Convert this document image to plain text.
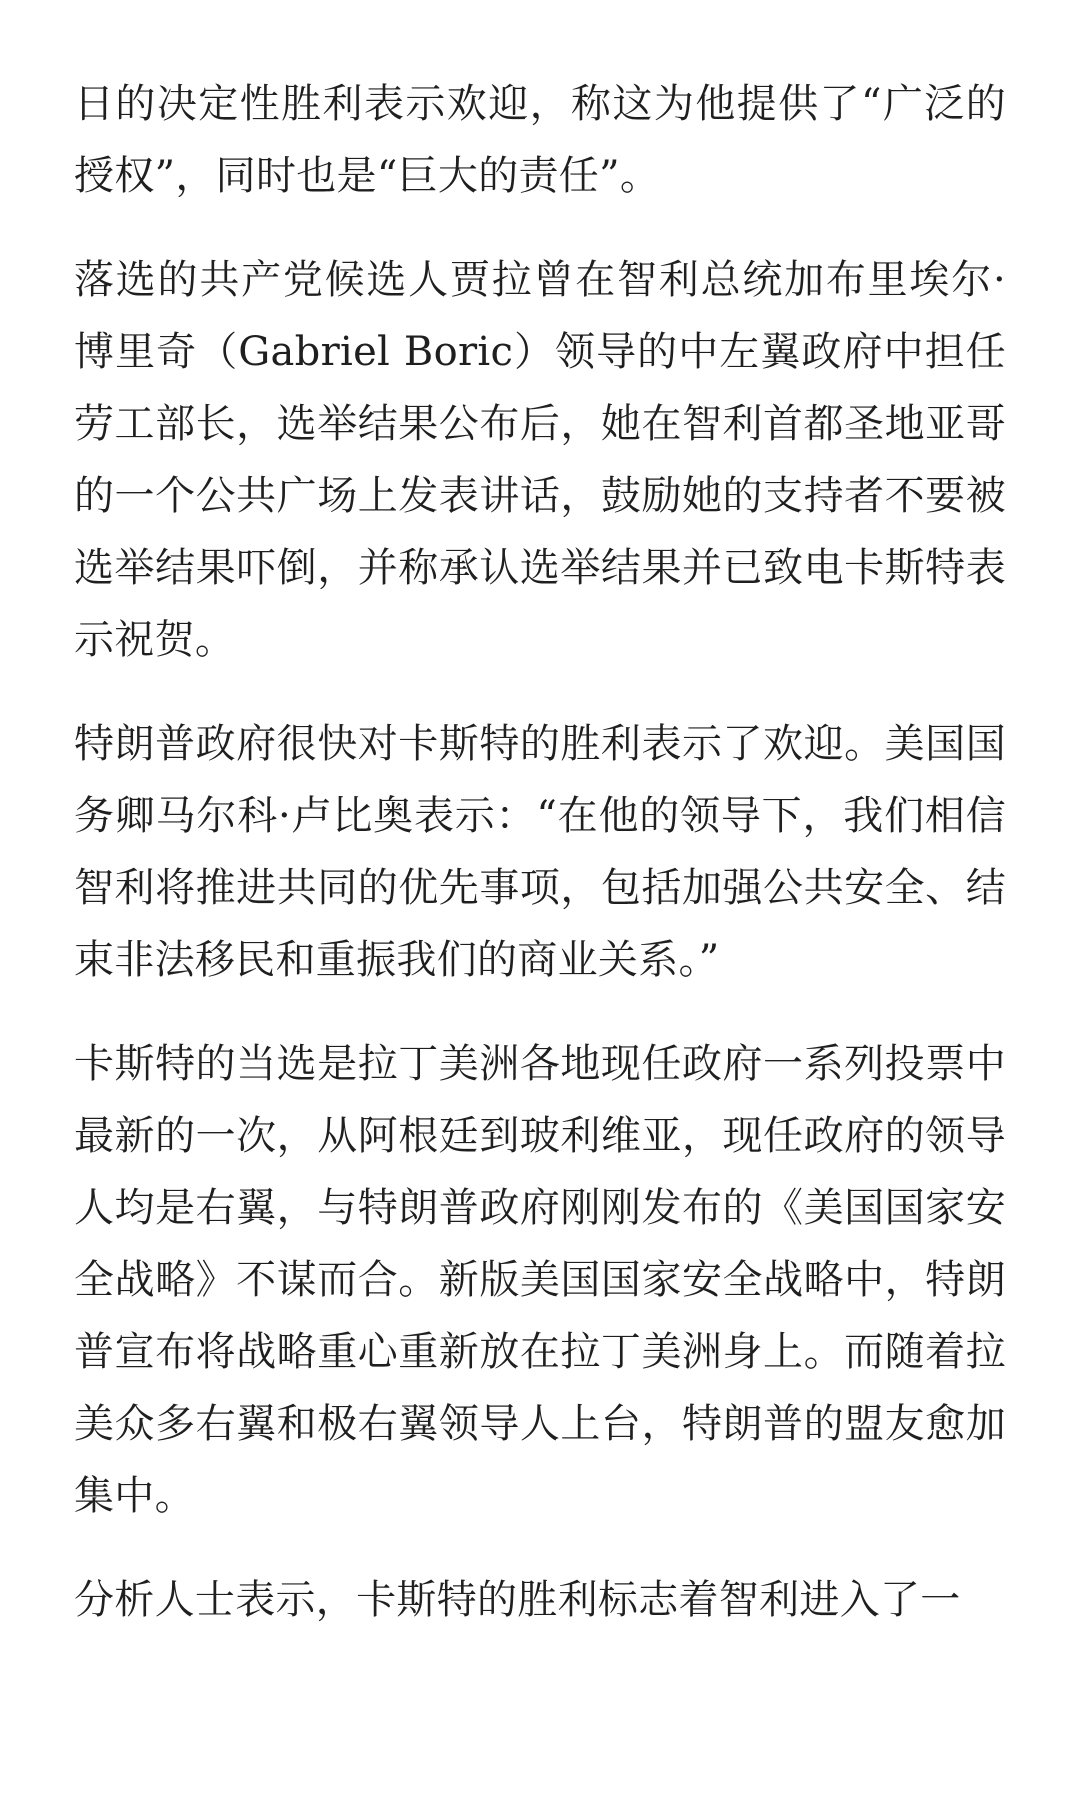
日的决定性胜利表示欢迎，称这为他提供了“广泛的授权”，同时也是“巨大的责任”。

落选的共产党候选人贾拉曾在智利总统加布里埃尔·博里奇（Gabriel Boric）领导的中左翼政府中担任劳工部长，选举结果公布后，她在智利首都圣地亚哥的一个公共广场上发表讲话，鼓励她的支持者不要被选举结果吓倒，并称承认选举结果并已致电卡斯特表示祝贺。

特朗普政府很快对卡斯特的胜利表示了欢迎。美国国务卿马尔科·卢比奥表示：“在他的领导下，我们相信智利将推进共同的优先事项，包括加强公共安全、结束非法移民和重振我们的商业关系。”

卡斯特的当选是拉丁美洲各地现任政府一系列投票中最新的一次，从阿根廷到玻利维亚，现任政府的领导人均是右翼，与特朗普政府刚刚发布的《美国国家安全战略》不谋而合。新版美国国家安全战略中，特朗普宣布将战略重心重新放在拉丁美洲身上。而随着拉美众多右翼和极右翼领导人上台，特朗普的盟友愈加集中。

分析人士表示，卡斯特的胜利标志着智利进入了一
